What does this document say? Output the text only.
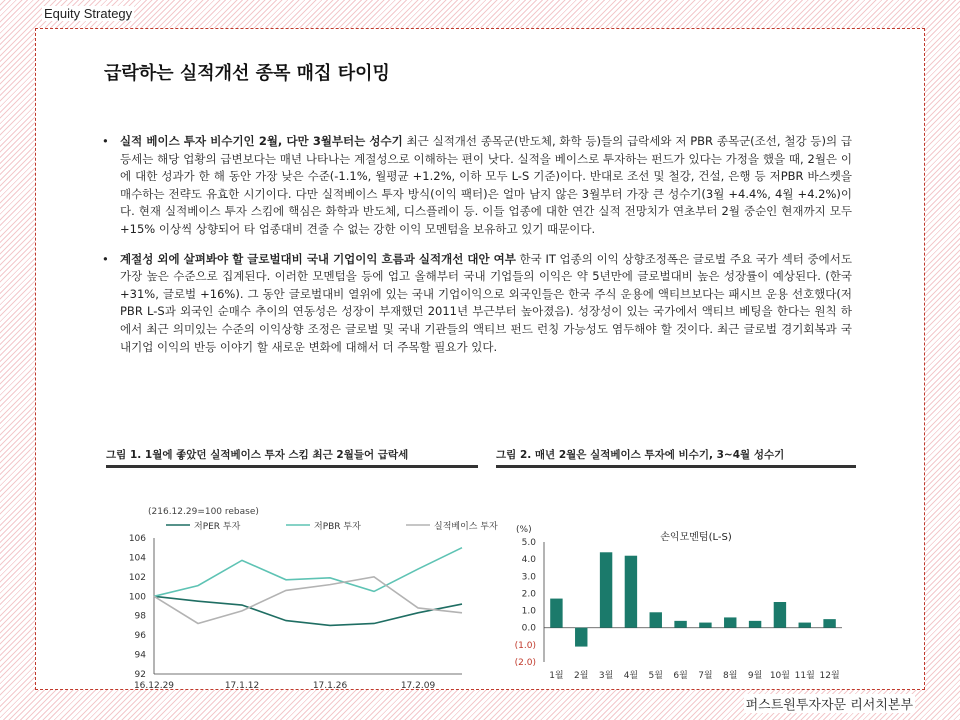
Equity Strategy
급락하는 실적개선 종목 매집 타이밍
• 실적 베이스 투자 비수기인 2월, 다만 3월부터는 성수기 최근 실적개선 종목군(반도체, 화학 등)들의 급락세와 저 PBR 종목군(조선, 철강 등)의 급등세는 해당 업황의 급변보다는 매년 나타나는 계절성으로 이해하는 편이 낫다. 실적을 베이스로 투자하는 펀드가 있다는 가정을 했을 때, 2월은 이에 대한 성과가 한 해 동안 가장 낮은 수준(-1.1%, 월평균 +1.2%, 이하 모두 L-S 기준)이다. 반대로 조선 및 철강, 건설, 은행 등 저PBR 바스켓을 매수하는 전략도 유효한 시기이다. 다만 실적베이스 투자 방식(이익 팩터)은 얼마 남지 않은 3월부터 가장 큰 성수기(3월 +4.4%, 4월 +4.2%)이다. 현재 실적베이스 투자 스킴에 핵심은 화학과 반도체, 디스플레이 등. 이들 업종에 대한 연간 실적 전망치가 연초부터 2월 중순인 현재까지 모두 +15% 이상씩 상향되어 타 업종대비 견줄 수 없는 강한 이익 모멘텀을 보유하고 있기 때문이다.
• 계절성 외에 살펴봐야 할 글로벌대비 국내 기업이익 흐름과 실적개선 대안 여부 한국 IT 업종의 이익 상향조정폭은 글로벌 주요 국가 섹터 중에서도 가장 높은 수준으로 집계된다. 이러한 모멘텀을 등에 업고 올해부터 국내 기업들의 이익은 약 5년만에 글로벌대비 높은 성장률이 예상된다. (한국 +31%, 글로벌 +16%). 그 동안 글로벌대비 열위에 있는 국내 기업이익으로 외국인들은 한국 주식 운용에 액티브보다는 패시브 운용 선호했다(저PBR L-S과 외국인 순매수 추이의 연동성은 성장이 부재했던 2011년 부근부터 높아졌음). 성장성이 있는 국가에서 액티브 베팅을 한다는 원칙 하에서 최근 의미있는 수준의 이익상향 조정은 글로벌 및 국내 기관들의 액티브 펀드 런칭 가능성도 염두해야 할 것이다. 최근 글로벌 경기회복과 국내기업 이익의 반등 이야기 할 새로운 변화에 대해서 더 주목할 필요가 있다.
그림 1. 1월에 좋았던 실적베이스 투자 스킴 최근 2월들어 급락세
(216.12.29=100 rebase)
저PER 투자	저PBR 투자	실적베이스 투자
92
94
96
98
100
102
104
106
16.12.29	17.1.12	17.1.26	17.2.09
그림 2. 매년 2월은 실적베이스 투자에 비수기, 3~4월 성수기
(%)
손익모멘텀(L-S)
5.0
4.0
3.0
2.0
1.0
0.0
(1.0)
(2.0)
1월 2월 3월 4월 5월 6월 7월 8월 9월 10월 11월 12월
퍼스트원투자자문 리서치본부
